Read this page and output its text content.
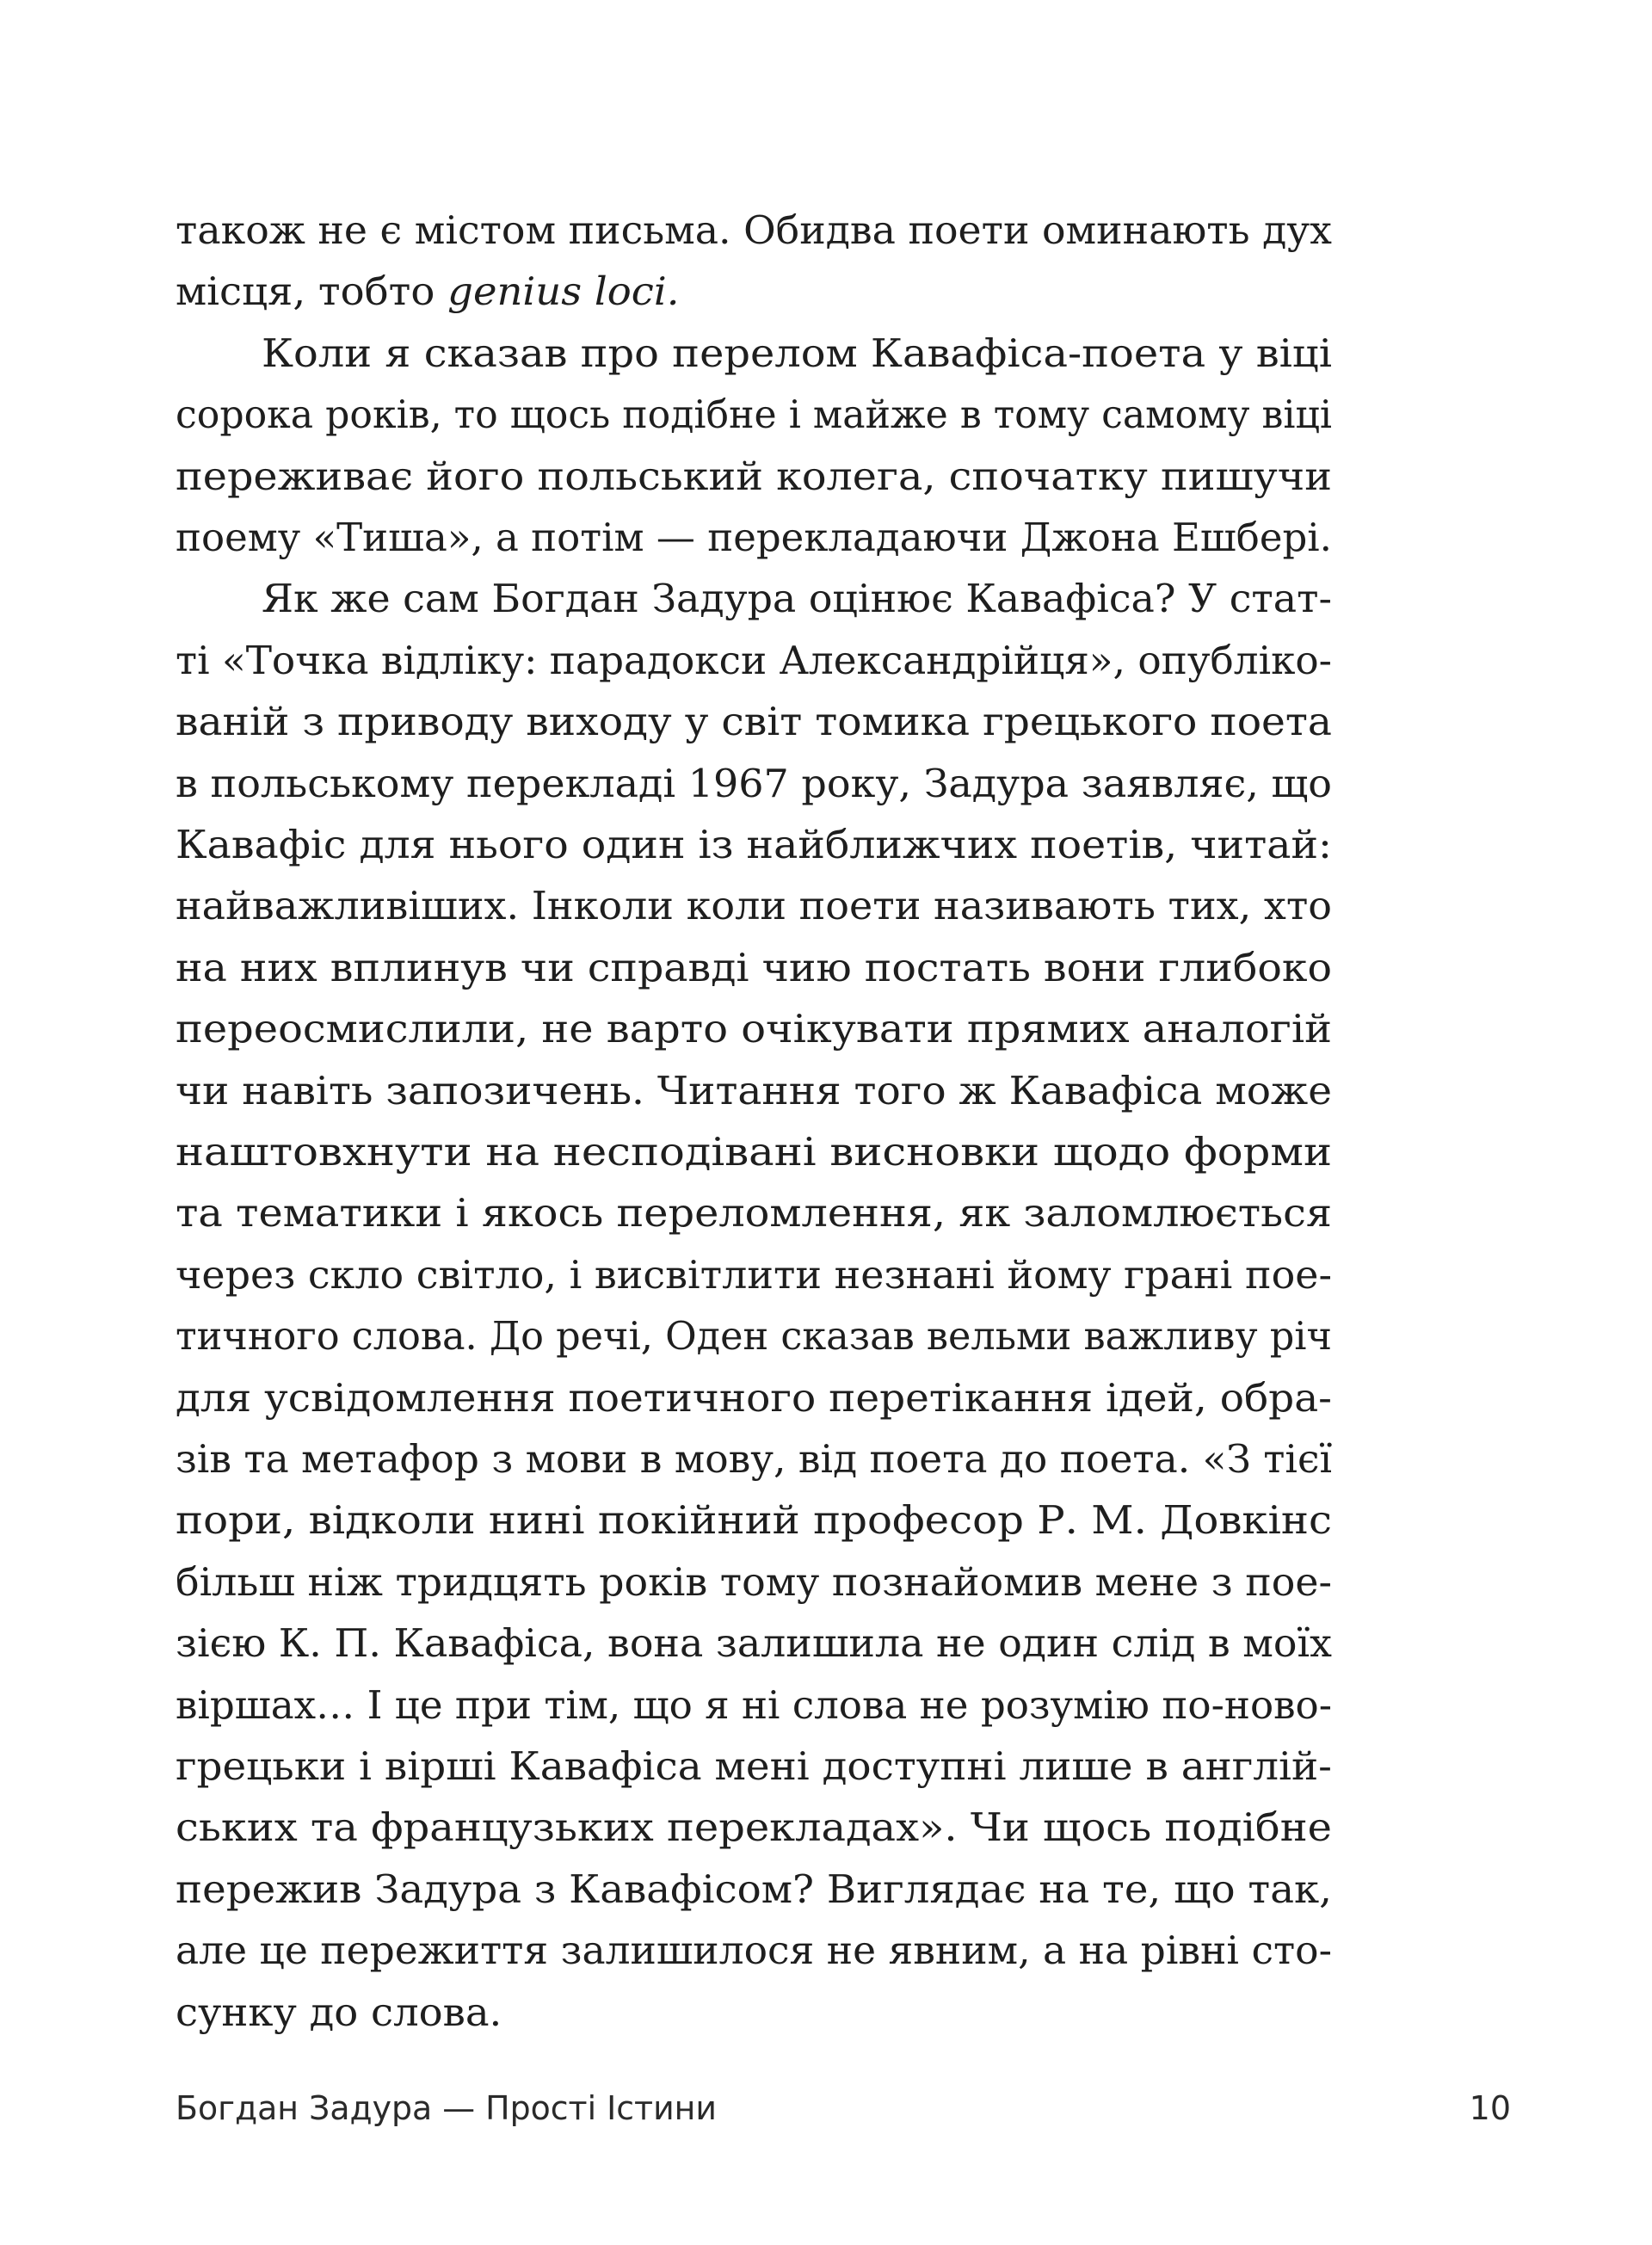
також не є містом письма. Обидва поети оминають дух
місця, тобто genius loci.
Коли я сказав про перелом Кавафіса-поета у віці
сорока років, то щось подібне і майже в тому самому віці
переживає його польський колега, спочатку пишучи
поему «Тиша», а потім — перекладаючи Джона Ешбері.
Як же сам Богдан Задура оцінює Кавафіса? У стат-
ті «Точка відліку: парадокси Александрійця», опубліко-
ваній з приводу виходу у світ томика грецького поета
в польському перекладі 1967 року, Задура заявляє, що
Кавафіс для нього один із найближчих поетів, читай:
найважливіших. Інколи коли поети називають тих, хто
на них вплинув чи справді чию постать вони глибоко
переосмислили, не варто очікувати прямих аналогій
чи навіть запозичень. Читання того ж Кавафіса може
наштовхнути на несподівані висновки щодо форми
та тематики і якось переломлення, як заломлюється
через скло світло, і висвітлити незнані йому грані пое-
тичного слова. До речі, Оден сказав вельми важливу річ
для усвідомлення поетичного перетікання ідей, обра-
зів та метафор з мови в мову, від поета до поета. «З тієї
пори, відколи нині покійний професор Р. М. Довкінс
більш ніж тридцять років тому познайомив мене з пое-
зією К. П. Кавафіса, вона залишила не один слід в моїх
віршах… І це при тім, що я ні слова не розумію по-ново-
грецьки і вірші Кавафіса мені доступні лише в англій-
ських та французьких перекладах». Чи щось подібне
пережив Задура з Кавафісом? Виглядає на те, що так,
але це пережиття залишилося не явним, а на рівні сто-
сунку до слова.
Богдан Задура — Прості Істини	10
